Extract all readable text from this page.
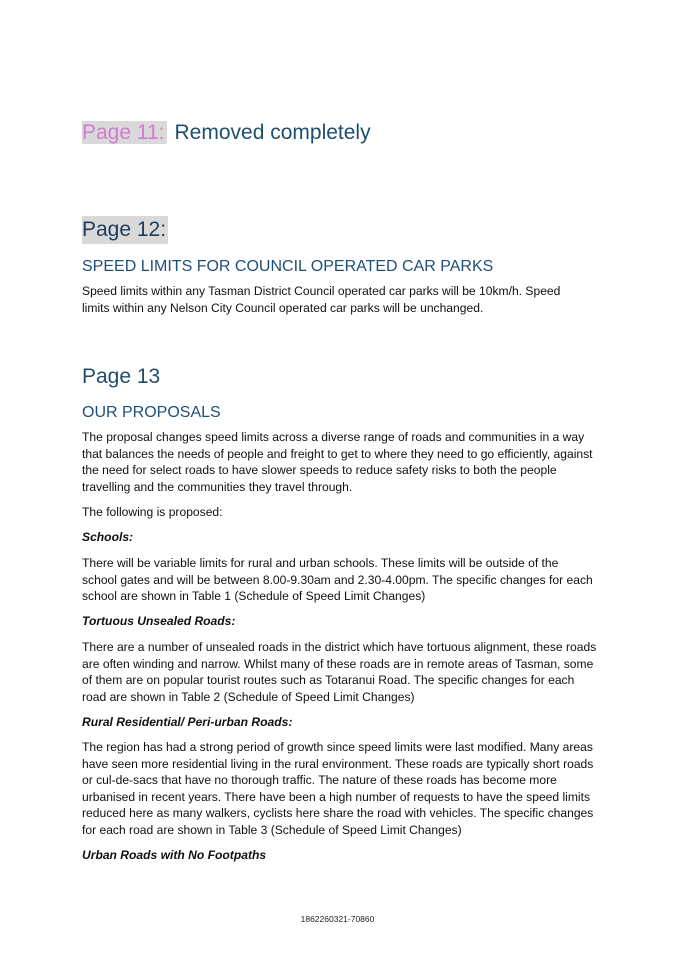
Page 11: Removed completely
Page 12:
SPEED LIMITS FOR COUNCIL OPERATED CAR PARKS
Speed limits within any Tasman District Council operated car parks will be 10km/h. Speed
limits within any Nelson City Council operated car parks will be unchanged.
Page 13
OUR PROPOSALS
The proposal changes speed limits across a diverse range of roads and communities in a way
that balances the needs of people and freight to get to where they need to go efficiently, against
the need for select roads to have slower speeds to reduce safety risks to both the people
travelling and the communities they travel through.
The following is proposed:
Schools:
There will be variable limits for rural and urban schools. These limits will be outside of the
school gates and will be between 8.00-9.30am and 2.30-4.00pm. The specific changes for each
school are shown in Table 1 (Schedule of Speed Limit Changes)
Tortuous Unsealed Roads:
There are a number of unsealed roads in the district which have tortuous alignment, these roads
are often winding and narrow. Whilst many of these roads are in remote areas of Tasman, some
of them are on popular tourist routes such as Totaranui Road. The specific changes for each
road are shown in Table 2 (Schedule of Speed Limit Changes)
Rural Residential/ Peri-urban Roads:
The region has had a strong period of growth since speed limits were last modified. Many areas
have seen more residential living in the rural environment. These roads are typically short roads
or cul-de-sacs that have no thorough traffic. The nature of these roads has become more
urbanised in recent years. There have been a high number of requests to have the speed limits
reduced here as many walkers, cyclists here share the road with vehicles. The specific changes
for each road are shown in Table 3 (Schedule of Speed Limit Changes)
Urban Roads with No Footpaths
1862260321-70860
